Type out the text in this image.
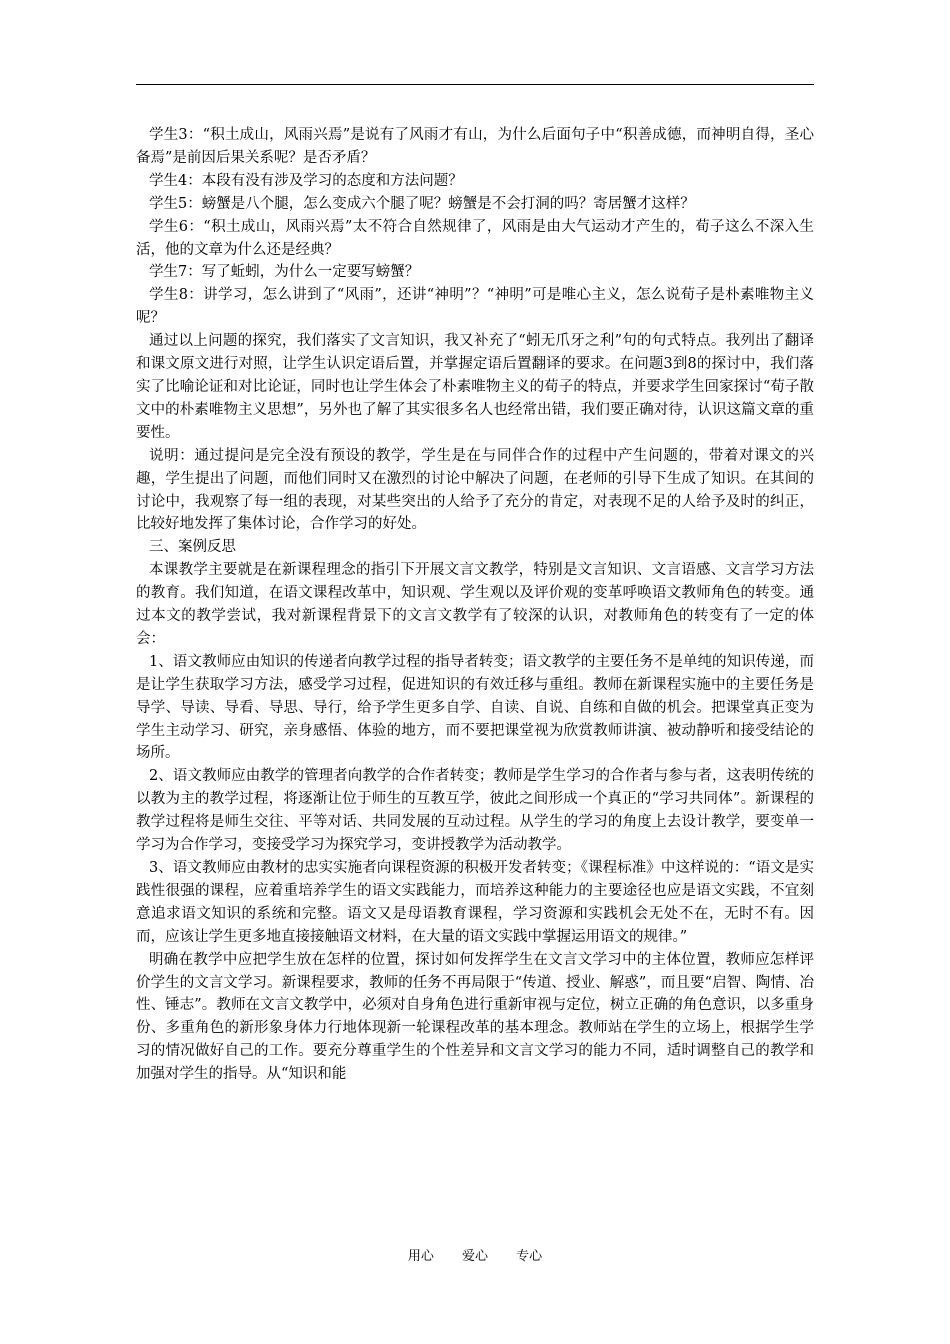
学生3：“积土成山，风雨兴焉”是说有了风雨才有山，为什么后面句子中“积善成德，而神明自得，圣心备焉”是前因后果关系呢？是否矛盾？

学生4：本段有没有涉及学习的态度和方法问题？

学生5：螃蟹是八个腿，怎么变成六个腿了呢？螃蟹是不会打洞的吗？寄居蟹才这样？

学生6：“积土成山，风雨兴焉”太不符合自然规律了，风雨是由大气运动才产生的，荀子这么不深入生活，他的文章为什么还是经典？

学生7：写了蚯蚓，为什么一定要写螃蟹？

学生8：讲学习，怎么讲到了“风雨”，还讲“神明”？“神明”可是唯心主义，怎么说荀子是朴素唯物主义呢？

通过以上问题的探究，我们落实了文言知识，我又补充了“蚓无爪牙之利”句的句式特点。我列出了翻译和课文原文进行对照，让学生认识定语后置，并掌握定语后置翻译的要求。在问题3到8的探讨中，我们落实了比喻论证和对比论证，同时也让学生体会了朴素唯物主义的荀子的特点，并要求学生回家探讨“荀子散文中的朴素唯物主义思想”，另外也了解了其实很多名人也经常出错，我们要正确对待，认识这篇文章的重要性。

说明：通过提问是完全没有预设的教学，学生是在与同伴合作的过程中产生问题的，带着对课文的兴趣，学生提出了问题，而他们同时又在激烈的讨论中解决了问题，在老师的引导下生成了知识。在其间的讨论中，我观察了每一组的表现，对某些突出的人给予了充分的肯定，对表现不足的人给予及时的纠正，比较好地发挥了集体讨论，合作学习的好处。

三、案例反思

本课教学主要就是在新课程理念的指引下开展文言文教学，特别是文言知识、文言语感、文言学习方法的教育。我们知道，在语文课程改革中，知识观、学生观以及评价观的变革呼唤语文教师角色的转变。通过本文的教学尝试，我对新课程背景下的文言文教学有了较深的认识，对教师角色的转变有了一定的体会：

1、语文教师应由知识的传递者向教学过程的指导者转变；语文教学的主要任务不是单纯的知识传递，而是让学生获取学习方法，感受学习过程，促进知识的有效迁移与重组。教师在新课程实施中的主要任务是导学、导读、导看、导思、导行，给予学生更多自学、自读、自说、自练和自做的机会。把课堂真正变为学生主动学习、研究，亲身感悟、体验的地方，而不要把课堂视为欣赏教师讲演、被动静听和接受结论的场所。

2、语文教师应由教学的管理者向教学的合作者转变；教师是学生学习的合作者与参与者，这表明传统的以教为主的教学过程，将逐渐让位于师生的互教互学，彼此之间形成一个真正的“学习共同体”。新课程的教学过程将是师生交往、平等对话、共同发展的互动过程。从学生的学习的角度上去设计教学，要变单一学习为合作学习，变接受学习为探究学习，变讲授教学为活动教学。

3、语文教师应由教材的忠实实施者向课程资源的积极开发者转变；《课程标准》中这样说的：“语文是实践性很强的课程，应着重培养学生的语文实践能力，而培养这种能力的主要途径也应是语文实践，不宜刻意追求语文知识的系统和完整。语文又是母语教育课程，学习资源和实践机会无处不在，无时不有。因而，应该让学生更多地直接接触语文材料，在大量的语文实践中掌握运用语文的规律。”

明确在教学中应把学生放在怎样的位置，探讨如何发挥学生在文言文学习中的主体位置，教师应怎样评价学生的文言文学习。新课程要求，教师的任务不再局限于“传道、授业、解惑”，而且要“启智、陶情、冶性、锤志”。教师在文言文教学中，必须对自身角色进行重新审视与定位，树立正确的角色意识，以多重身份、多重角色的新形象身体力行地体现新一轮课程改革的基本理念。教师站在学生的立场上，根据学生学习的情况做好自己的工作。要充分尊重学生的个性差异和文言文学习的能力不同，适时调整自己的教学和加强对学生的指导。从“知识和能

用心 爱心 专心
